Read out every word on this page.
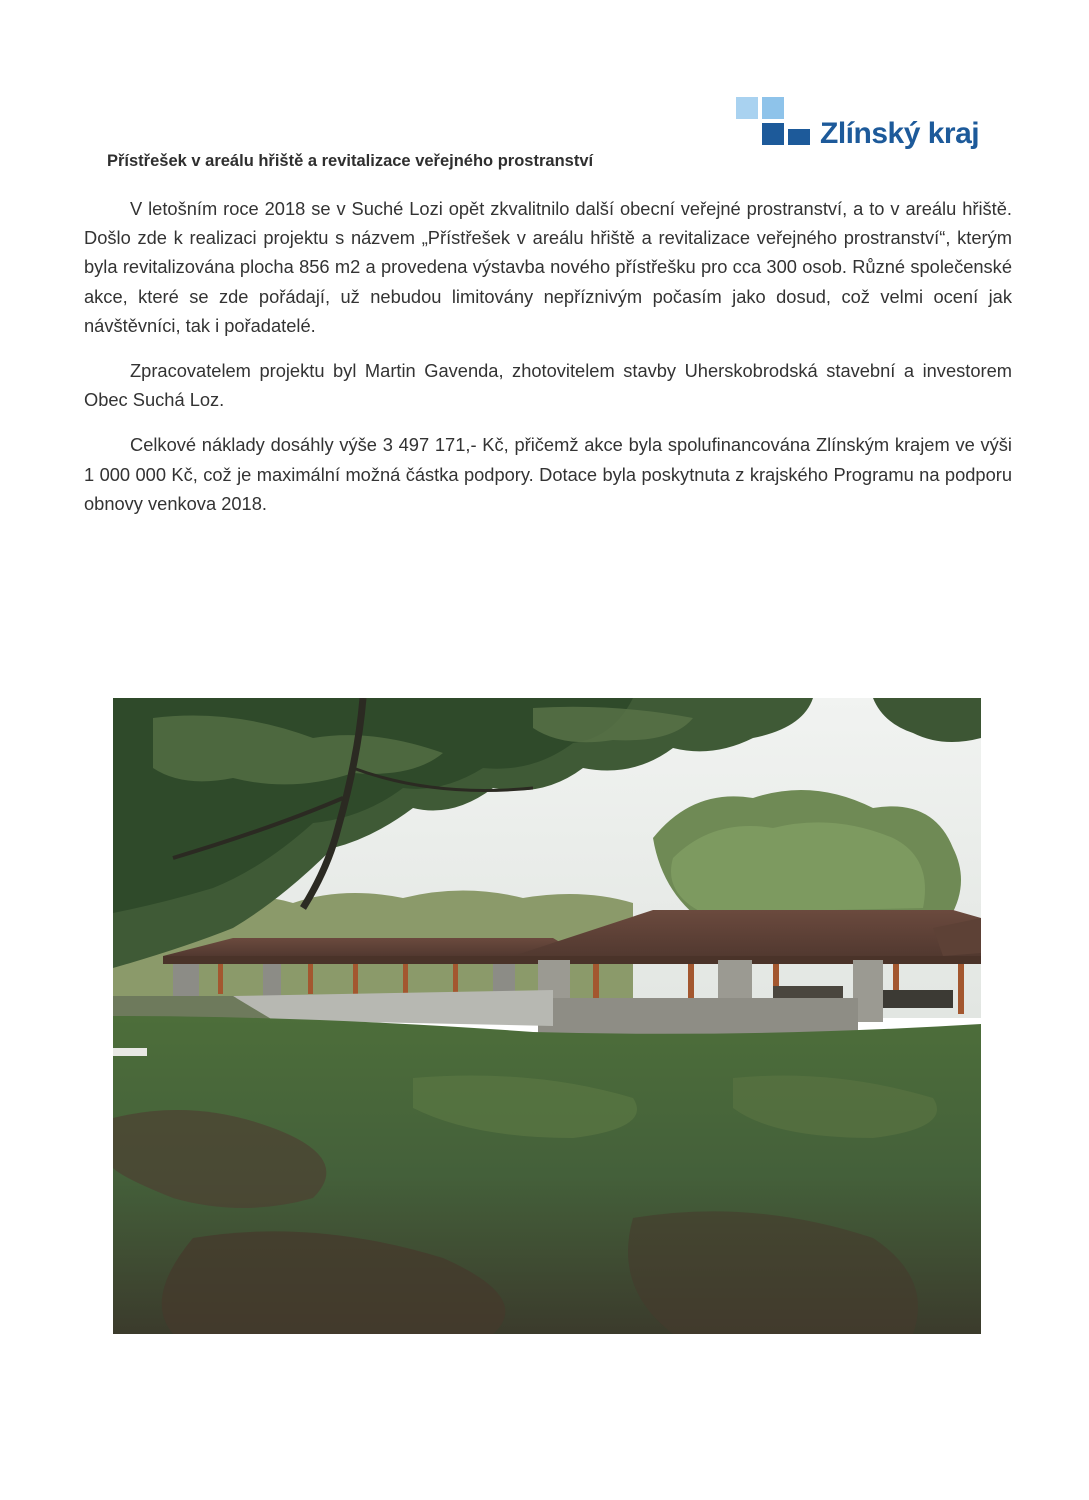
Zlínský kraj
Přístřešek v areálu hřiště a revitalizace veřejného prostranství

V letošním roce 2018 se v Suché Lozi opět zkvalitnilo další obecní veřejné prostranství, a to v areálu hřiště. Došlo zde k realizaci projektu s názvem „Přístřešek v areálu hřiště a revitalizace veřejného prostranství“, kterým byla revitalizována plocha 856 m2 a provedena výstavba nového přístřešku pro cca 300 osob. Různé společenské akce, které se zde pořádají, už nebudou limitovány nepříznivým počasím jako dosud, což velmi ocení jak návštěvníci, tak i pořadatelé.

Zpracovatelem projektu byl Martin Gavenda, zhotovitelem stavby Uherskobrodská stavební a investorem Obec Suchá Loz.

Celkové náklady dosáhly výše 3 497 171,- Kč, přičemž akce byla spolufinancována Zlínským krajem ve výši 1 000 000 Kč, což je maximální možná částka podpory. Dotace byla poskytnuta z krajského Programu na podporu obnovy venkova 2018.
